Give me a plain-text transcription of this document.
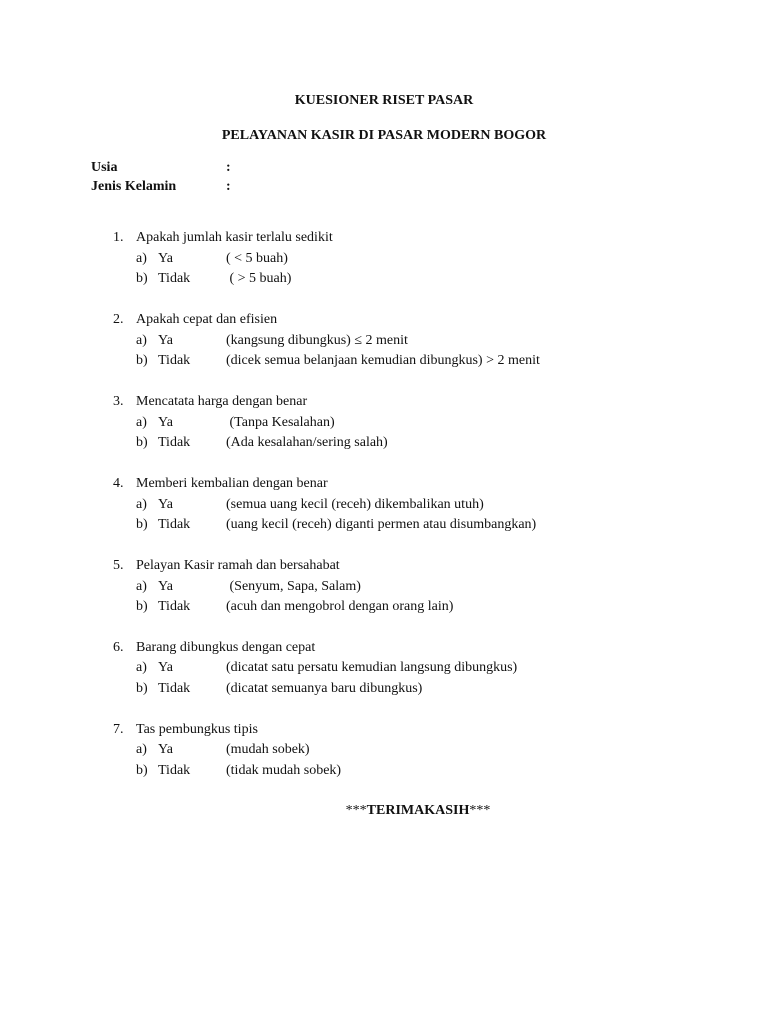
KUESIONER RISET PASAR
PELAYANAN KASIR DI PASAR MODERN BOGOR
Usia	:
Jenis Kelamin	:
1. Apakah jumlah kasir terlalu sedikit
a) Ya	( < 5 buah)
b) Tidak	( > 5 buah)
2. Apakah cepat dan efisien
a) Ya	(kangsung dibungkus) ≤ 2 menit
b) Tidak	(dicek semua belanjaan kemudian dibungkus) > 2 menit
3. Mencatata harga dengan benar
a) Ya	(Tanpa Kesalahan)
b) Tidak	(Ada kesalahan/sering salah)
4. Memberi kembalian dengan benar
a) Ya	(semua uang kecil (receh) dikembalikan utuh)
b) Tidak	(uang kecil (receh) diganti permen atau disumbangkan)
5. Pelayan Kasir ramah dan bersahabat
a) Ya	(Senyum, Sapa, Salam)
b) Tidak	(acuh dan mengobrol dengan orang lain)
6. Barang dibungkus dengan cepat
a) Ya	(dicatat satu persatu kemudian langsung dibungkus)
b) Tidak	(dicatat semuanya baru dibungkus)
7. Tas pembungkus tipis
a) Ya	(mudah sobek)
b) Tidak	(tidak mudah sobek)
***TERIMAKASIH***
